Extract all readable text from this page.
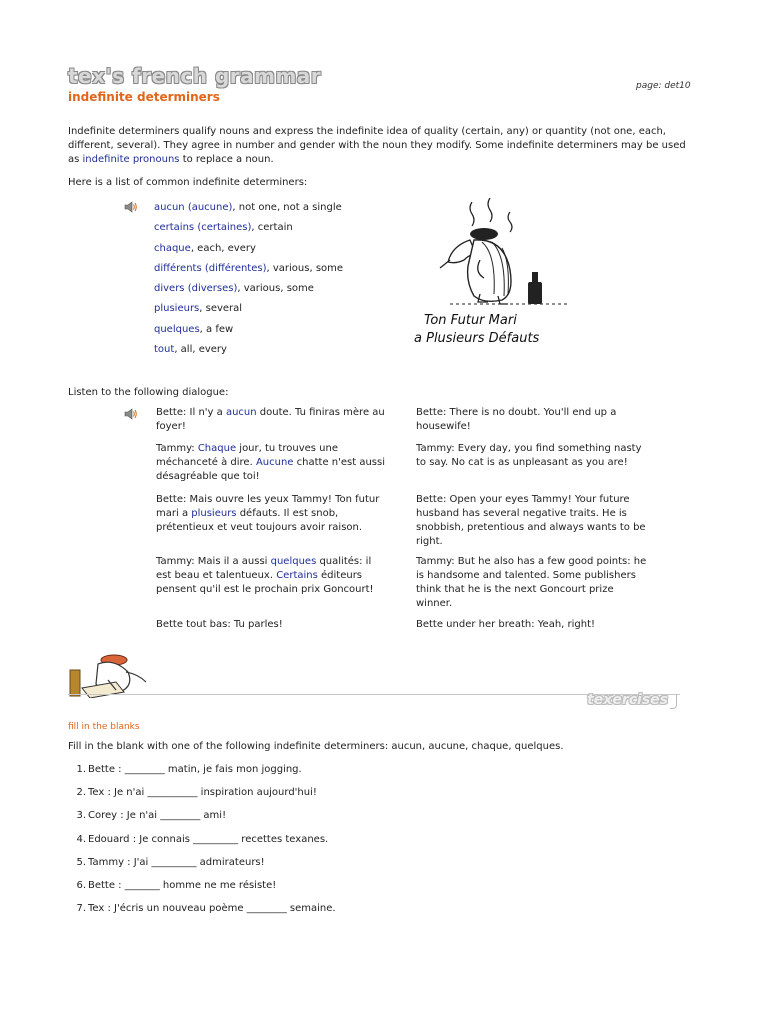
tex's french grammar
indefinite determiners
page: det10
Indefinite determiners qualify nouns and express the indefinite idea of quality (certain, any) or quantity (not one, each, different, several). They agree in number and gender with the noun they modify. Some indefinite determiners may be used as indefinite pronouns to replace a noun.
Here is a list of common indefinite determiners:
aucun (aucune), not one, not a single
certains (certaines), certain
chaque, each, every
différents (différentes), various, some
divers (diverses), various, some
plusieurs, several
quelques, a few
tout, all, every
Ton Futur Mari
a Plusieurs Défauts
Listen to the following dialogue:
Bette: Il n'y a aucun doute. Tu finiras mère au foyer!
Bette: There is no doubt. You'll end up a housewife!
Tammy: Chaque jour, tu trouves une méchanceté à dire. Aucune chatte n'est aussi désagréable que toi!
Tammy: Every day, you find something nasty to say. No cat is as unpleasant as you are!
Bette: Mais ouvre les yeux Tammy! Ton futur mari a plusieurs défauts. Il est snob, prétentieux et veut toujours avoir raison.
Bette: Open your eyes Tammy! Your future husband has several negative traits. He is snobbish, pretentious and always wants to be right.
Tammy: Mais il a aussi quelques qualités: il est beau et talentueux. Certains éditeurs pensent qu'il est le prochain prix Goncourt!
Tammy: But he also has a few good points: he is handsome and talented. Some publishers think that he is the next Goncourt prize winner.
Bette tout bas: Tu parles!	Bette under her breath: Yeah, right!
texercises
fill in the blanks
Fill in the blank with one of the following indefinite determiners: aucun, aucune, chaque, quelques.
1. Bette : ________ matin, je fais mon jogging.
2. Tex : Je n'ai __________ inspiration aujourd'hui!
3. Corey : Je n'ai ________ ami!
4. Edouard : Je connais _________ recettes texanes.
5. Tammy : J'ai _________ admirateurs!
6. Bette : _______ homme ne me résiste!
7. Tex : J'écris un nouveau poème ________ semaine.
